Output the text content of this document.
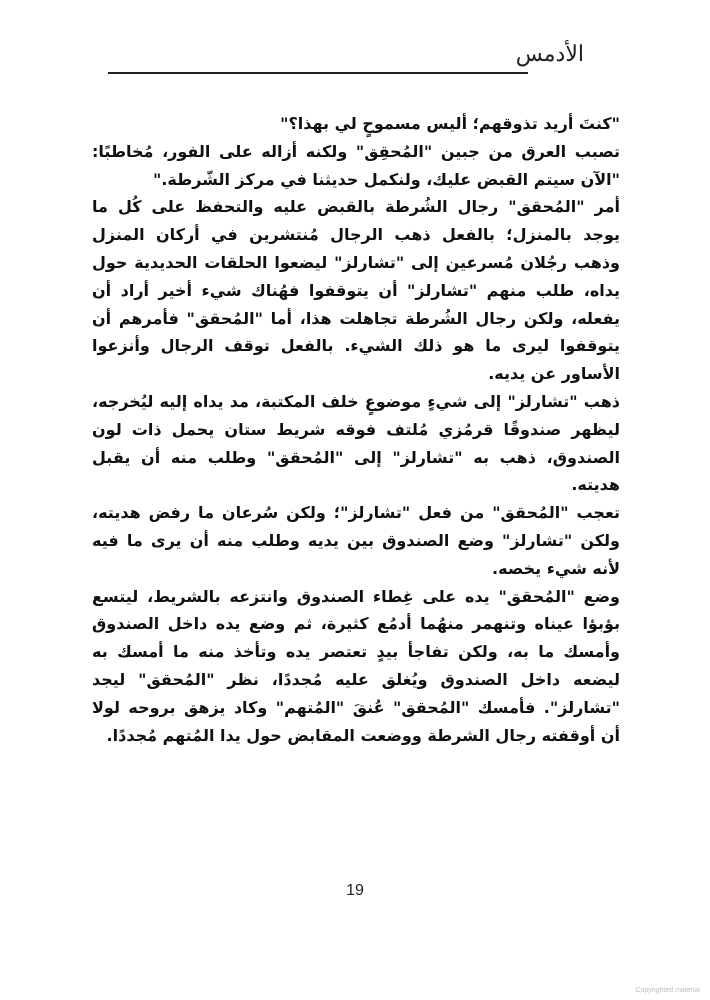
الأدمس

"كنتَ أريد تذوقهم؛ أليس مسموحٍ لي بهذا؟"

تصبب العرق من جبين "المُحقِق" ولكنه أزاله على الفور، مُخاطبًا: "الآن سيتم القبض عليك، ولنكمل حديثنا في مركز الشّرطة."

أمر "المُحقق" رجال الشُرطة بالقبض عليه والتحفظ على كُل ما يوجد بالمنزل؛ بالفعل ذهب الرجال مُنتشرين في أركان المنزل وذهب رجُلان مُسرعين إلى "تشارلز" ليضعوا الحلقات الحديدية حول يداه، طلب منهم "تشارلز" أن يتوقفوا فهُناك شيء أخير أراد أن يفعله، ولكن رجال الشُرطة تجاهلت هذا، أما "المُحقق" فأمرهم أن يتوقفوا ليرى ما هو ذلك الشيء. بالفعل توقف الرجال وأنزعوا الأساور عن يديه.

ذهب "تشارلز" إلى شيءٍ موضوعٍ خلف المكتبة، مد يداه إليه ليُخرجه، ليظهر صندوقًا قرمُزي مُلتف فوقه شريط ستان يحمل ذات لون الصندوق، ذهب به "تشارلز" إلى "المُحقق" وطلب منه أن يقبل هديته.

تعجب "المُحقق" من فعل "تشارلز"؛ ولكن سُرعان ما رفض هديته، ولكن "تشارلز" وضع الصندوق بين يديه وطلب منه أن يرى ما فيه لأنه شيء يخصه.

وضع "المُحقق" يده على غِطاء الصندوق وانتزعه بالشريط، ليتسع بؤبؤا عيناه وتنهمر منهُما أدمُع كثيرة، ثم وضع يده داخل الصندوق وأمسك ما به، ولكن تفاجأ بيدٍ تعتصر يده وتأخذ منه ما أمسك به ليضعه داخل الصندوق ويُغلق عليه مُجددًا، نظر "المُحقق" ليجد "تشارلز". فأمسك "المُحقق" عُنقَ "المُتهم" وكاد يزهق بروحه لولا أن أوقفته رجال الشرطة ووضعت المقابض حول يدا المُتهم مُجددًا.

19
Copyrighted material
